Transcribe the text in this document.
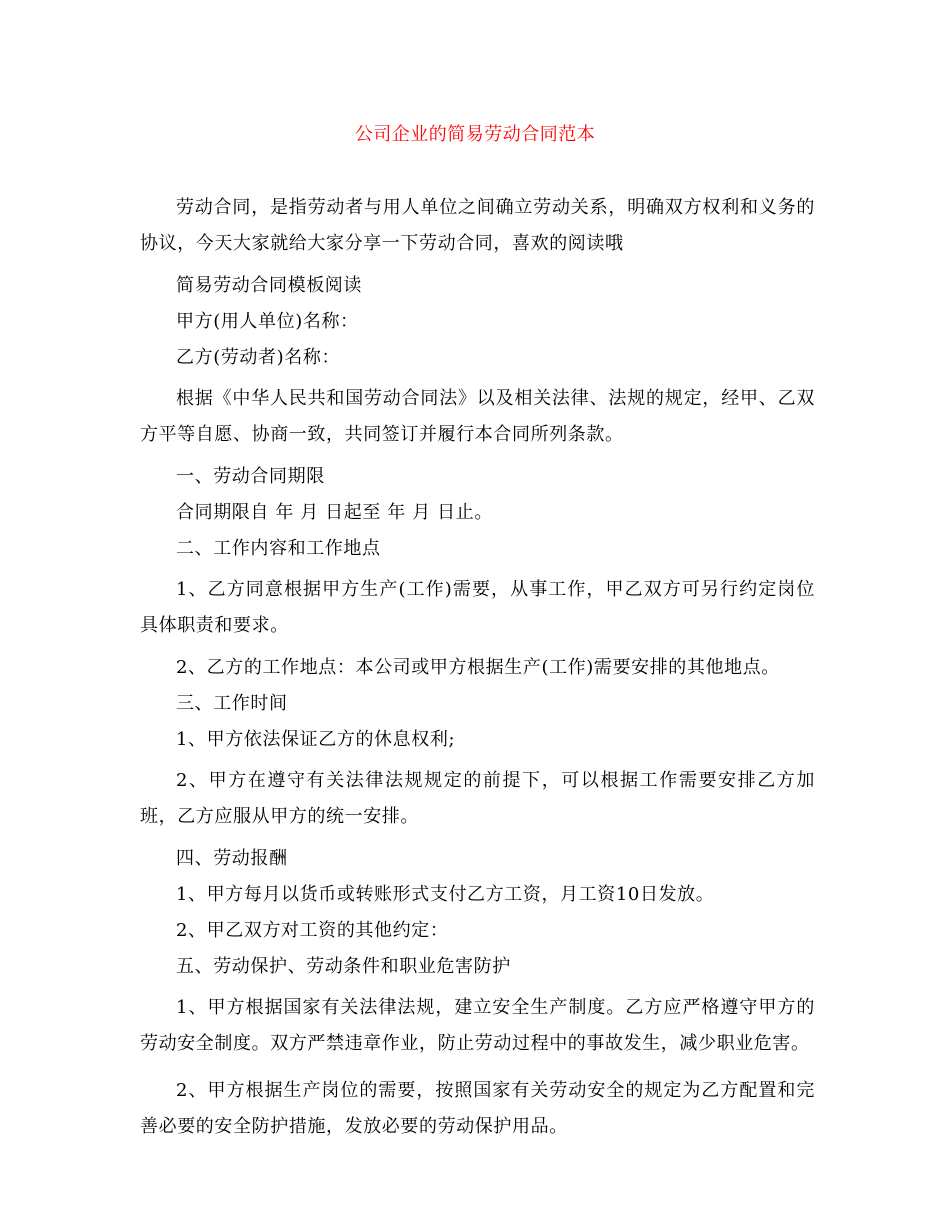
公司企业的简易劳动合同范本

劳动合同，是指劳动者与用人单位之间确立劳动关系，明确双方权利和义务的协议，今天大家就给大家分享一下劳动合同，喜欢的阅读哦

简易劳动合同模板阅读

甲方(用人单位)名称：

乙方(劳动者)名称：

根据《中华人民共和国劳动合同法》以及相关法律、法规的规定，经甲、乙双方平等自愿、协商一致，共同签订并履行本合同所列条款。

一、劳动合同期限

合同期限自 年 月 日起至 年 月 日止。

二、工作内容和工作地点

1、乙方同意根据甲方生产(工作)需要，从事工作，甲乙双方可另行约定岗位具体职责和要求。

2、乙方的工作地点：本公司或甲方根据生产(工作)需要安排的其他地点。

三、工作时间

1、甲方依法保证乙方的休息权利;

2、甲方在遵守有关法律法规规定的前提下，可以根据工作需要安排乙方加班，乙方应服从甲方的统一安排。

四、劳动报酬

1、甲方每月以货币或转账形式支付乙方工资，月工资10日发放。

2、甲乙双方对工资的其他约定：

五、劳动保护、劳动条件和职业危害防护

1、甲方根据国家有关法律法规，建立安全生产制度。乙方应严格遵守甲方的劳动安全制度。双方严禁违章作业，防止劳动过程中的事故发生，减少职业危害。

2、甲方根据生产岗位的需要，按照国家有关劳动安全的规定为乙方配置和完善必要的安全防护措施，发放必要的劳动保护用品。
